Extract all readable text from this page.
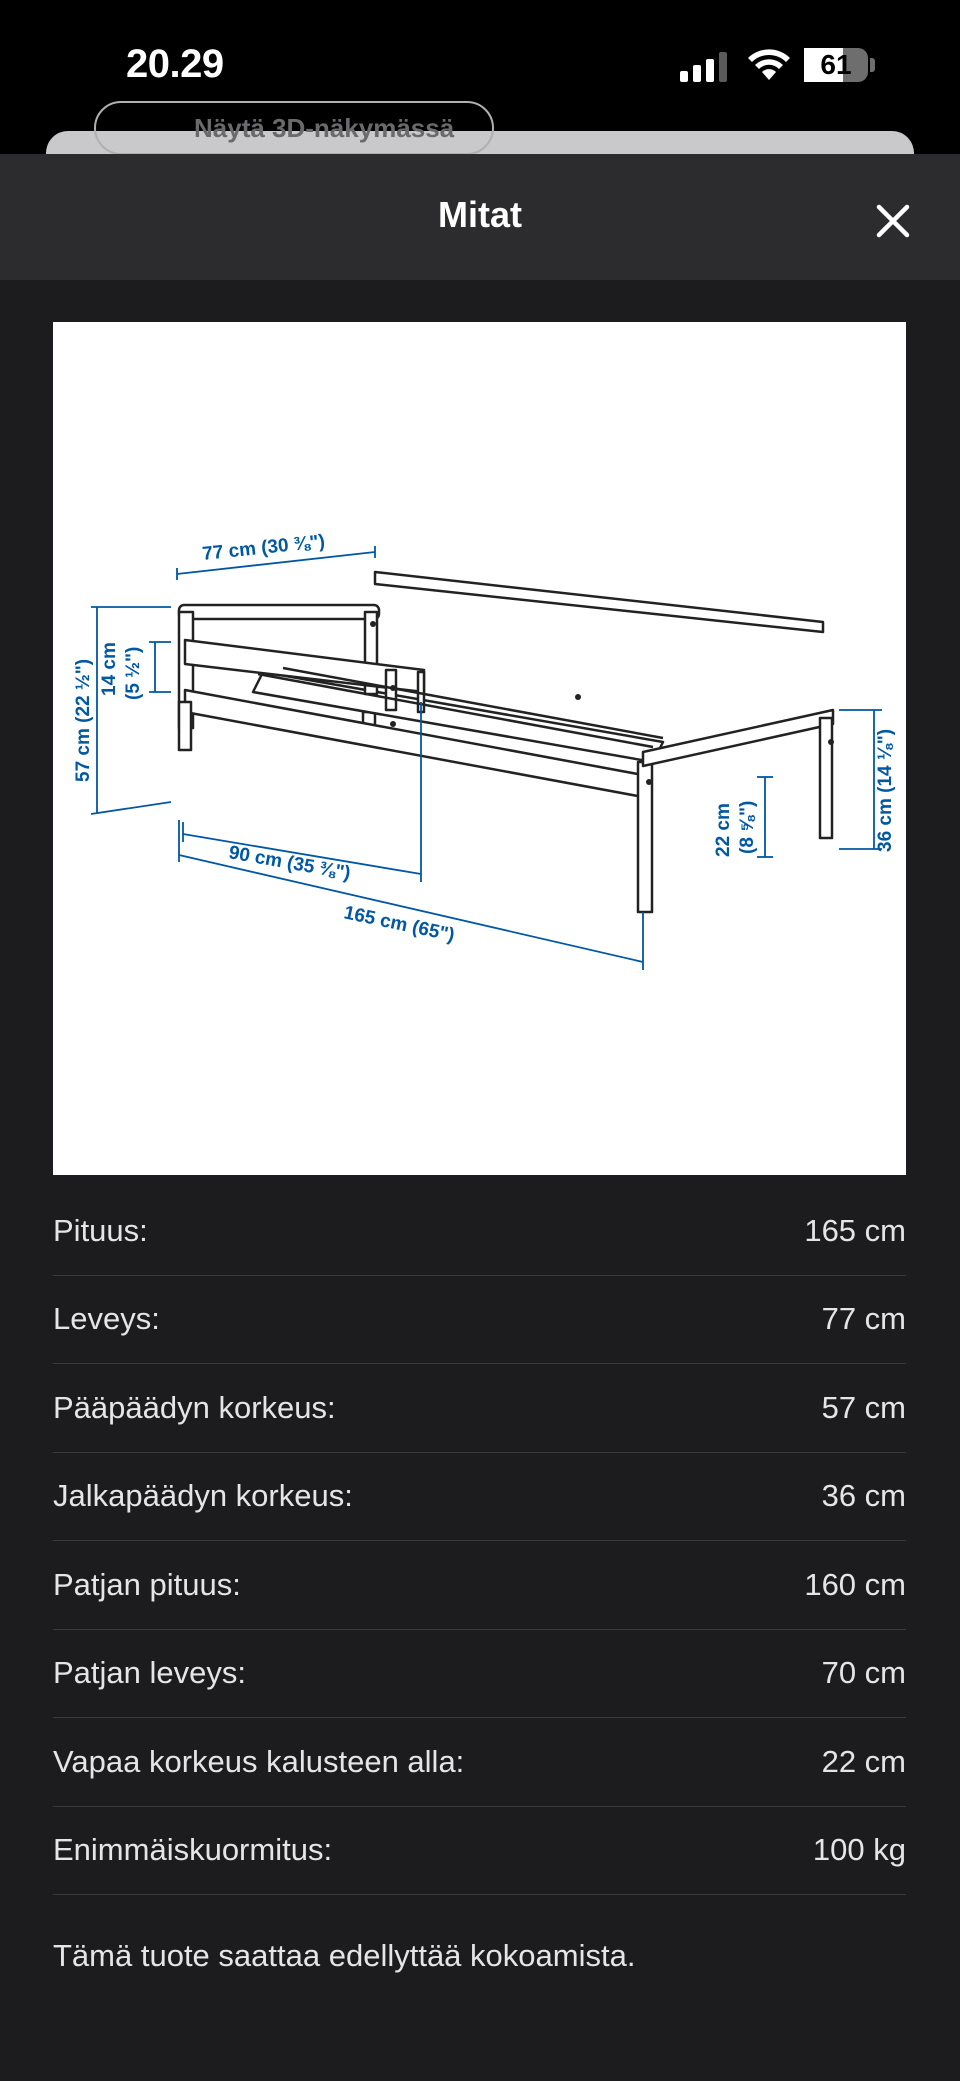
20.29	61
Näytä 3D-näkymässä
Mitat
77 cm (30 ⅜")
57 cm (22 ½") 14 cm (5 ½")
90 cm (35 ⅜")
165 cm (65")
22 cm (8 ⅝")	36 cm (14 ⅛")
Pituus:	165 cm
Leveys:	77 cm
Pääpäädyn korkeus:	57 cm
Jalkapäädyn korkeus:	36 cm
Patjan pituus:	160 cm
Patjan leveys:	70 cm
Vapaa korkeus kalusteen alla:	22 cm
Enimmäiskuormitus:	100 kg
Tämä tuote saattaa edellyttää kokoamista.
